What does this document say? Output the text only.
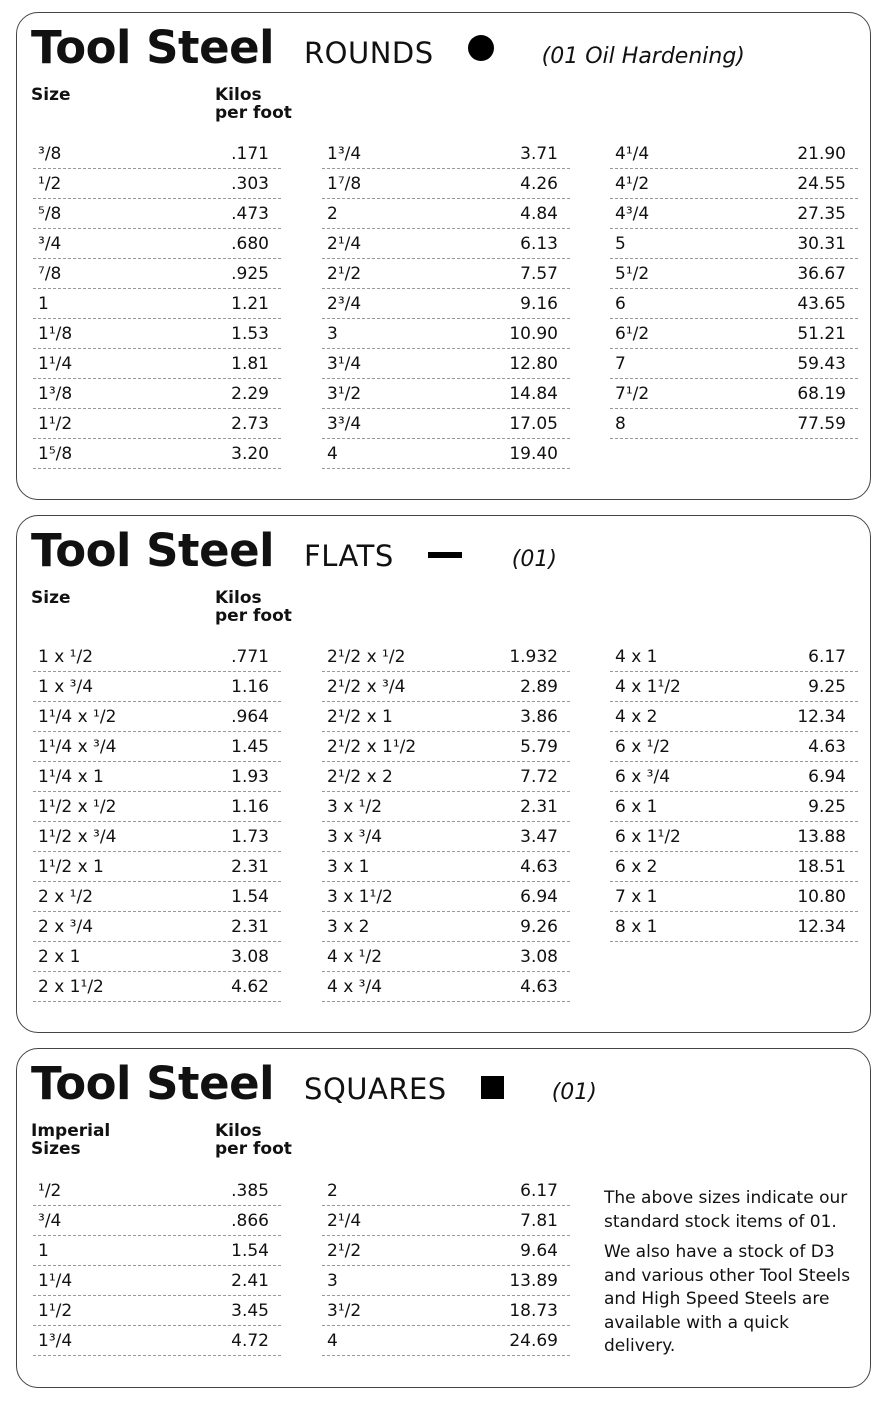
Tool Steel ROUNDS	(01 Oil Hardening)
Size	Kilos
per foot
³/8	.171
¹/2	.303
⁵/8	.473
³/4	.680
⁷/8	.925
1	1.21
1¹/8	1.53
1¹/4	1.81
1³/8	2.29
1¹/2	2.73
1⁵/8	3.20
1³/4	3.71
1⁷/8	4.26
2	4.84
2¹/4	6.13
2¹/2	7.57
2³/4	9.16
3	10.90
3¹/4	12.80
3¹/2	14.84
3³/4	17.05
4	19.40
4¹/4	21.90
4¹/2	24.55
4³/4	27.35
5	30.31
5¹/2	36.67
6	43.65
6¹/2	51.21
7	59.43
7¹/2	68.19
8	77.59
Tool Steel FLATS	(01)
Size	Kilos
per foot
1 x ¹/2	.771
1 x ³/4	1.16
1¹/4 x ¹/2	.964
1¹/4 x ³/4	1.45
1¹/4 x 1	1.93
1¹/2 x ¹/2	1.16
1¹/2 x ³/4	1.73
1¹/2 x 1	2.31
2 x ¹/2	1.54
2 x ³/4	2.31
2 x 1	3.08
2 x 1¹/2	4.62
2¹/2 x ¹/2	1.932
2¹/2 x ³/4	2.89
2¹/2 x 1	3.86
2¹/2 x 1¹/2	5.79
2¹/2 x 2	7.72
3 x ¹/2	2.31
3 x ³/4	3.47
3 x 1	4.63
3 x 1¹/2	6.94
3 x 2	9.26
4 x ¹/2	3.08
4 x ³/4	4.63
4 x 1	6.17
4 x 1¹/2	9.25
4 x 2	12.34
6 x ¹/2	4.63
6 x ³/4	6.94
6 x 1	9.25
6 x 1¹/2	13.88
6 x 2	18.51
7 x 1	10.80
8 x 1	12.34
Tool Steel SQUARES	(01)
Imperial
Sizes
Kilos
per foot
¹/2	.385
³/4	.866
1	1.54
1¹/4	2.41
1¹/2	3.45
1³/4	4.72
2	6.17
2¹/4	7.81
2¹/2	9.64
3	13.89
3¹/2	18.73
4	24.69

The above sizes indicate our standard stock items of 01.

We also have a stock of D3 and various other Tool Steels and High Speed Steels are available with a quick delivery.
